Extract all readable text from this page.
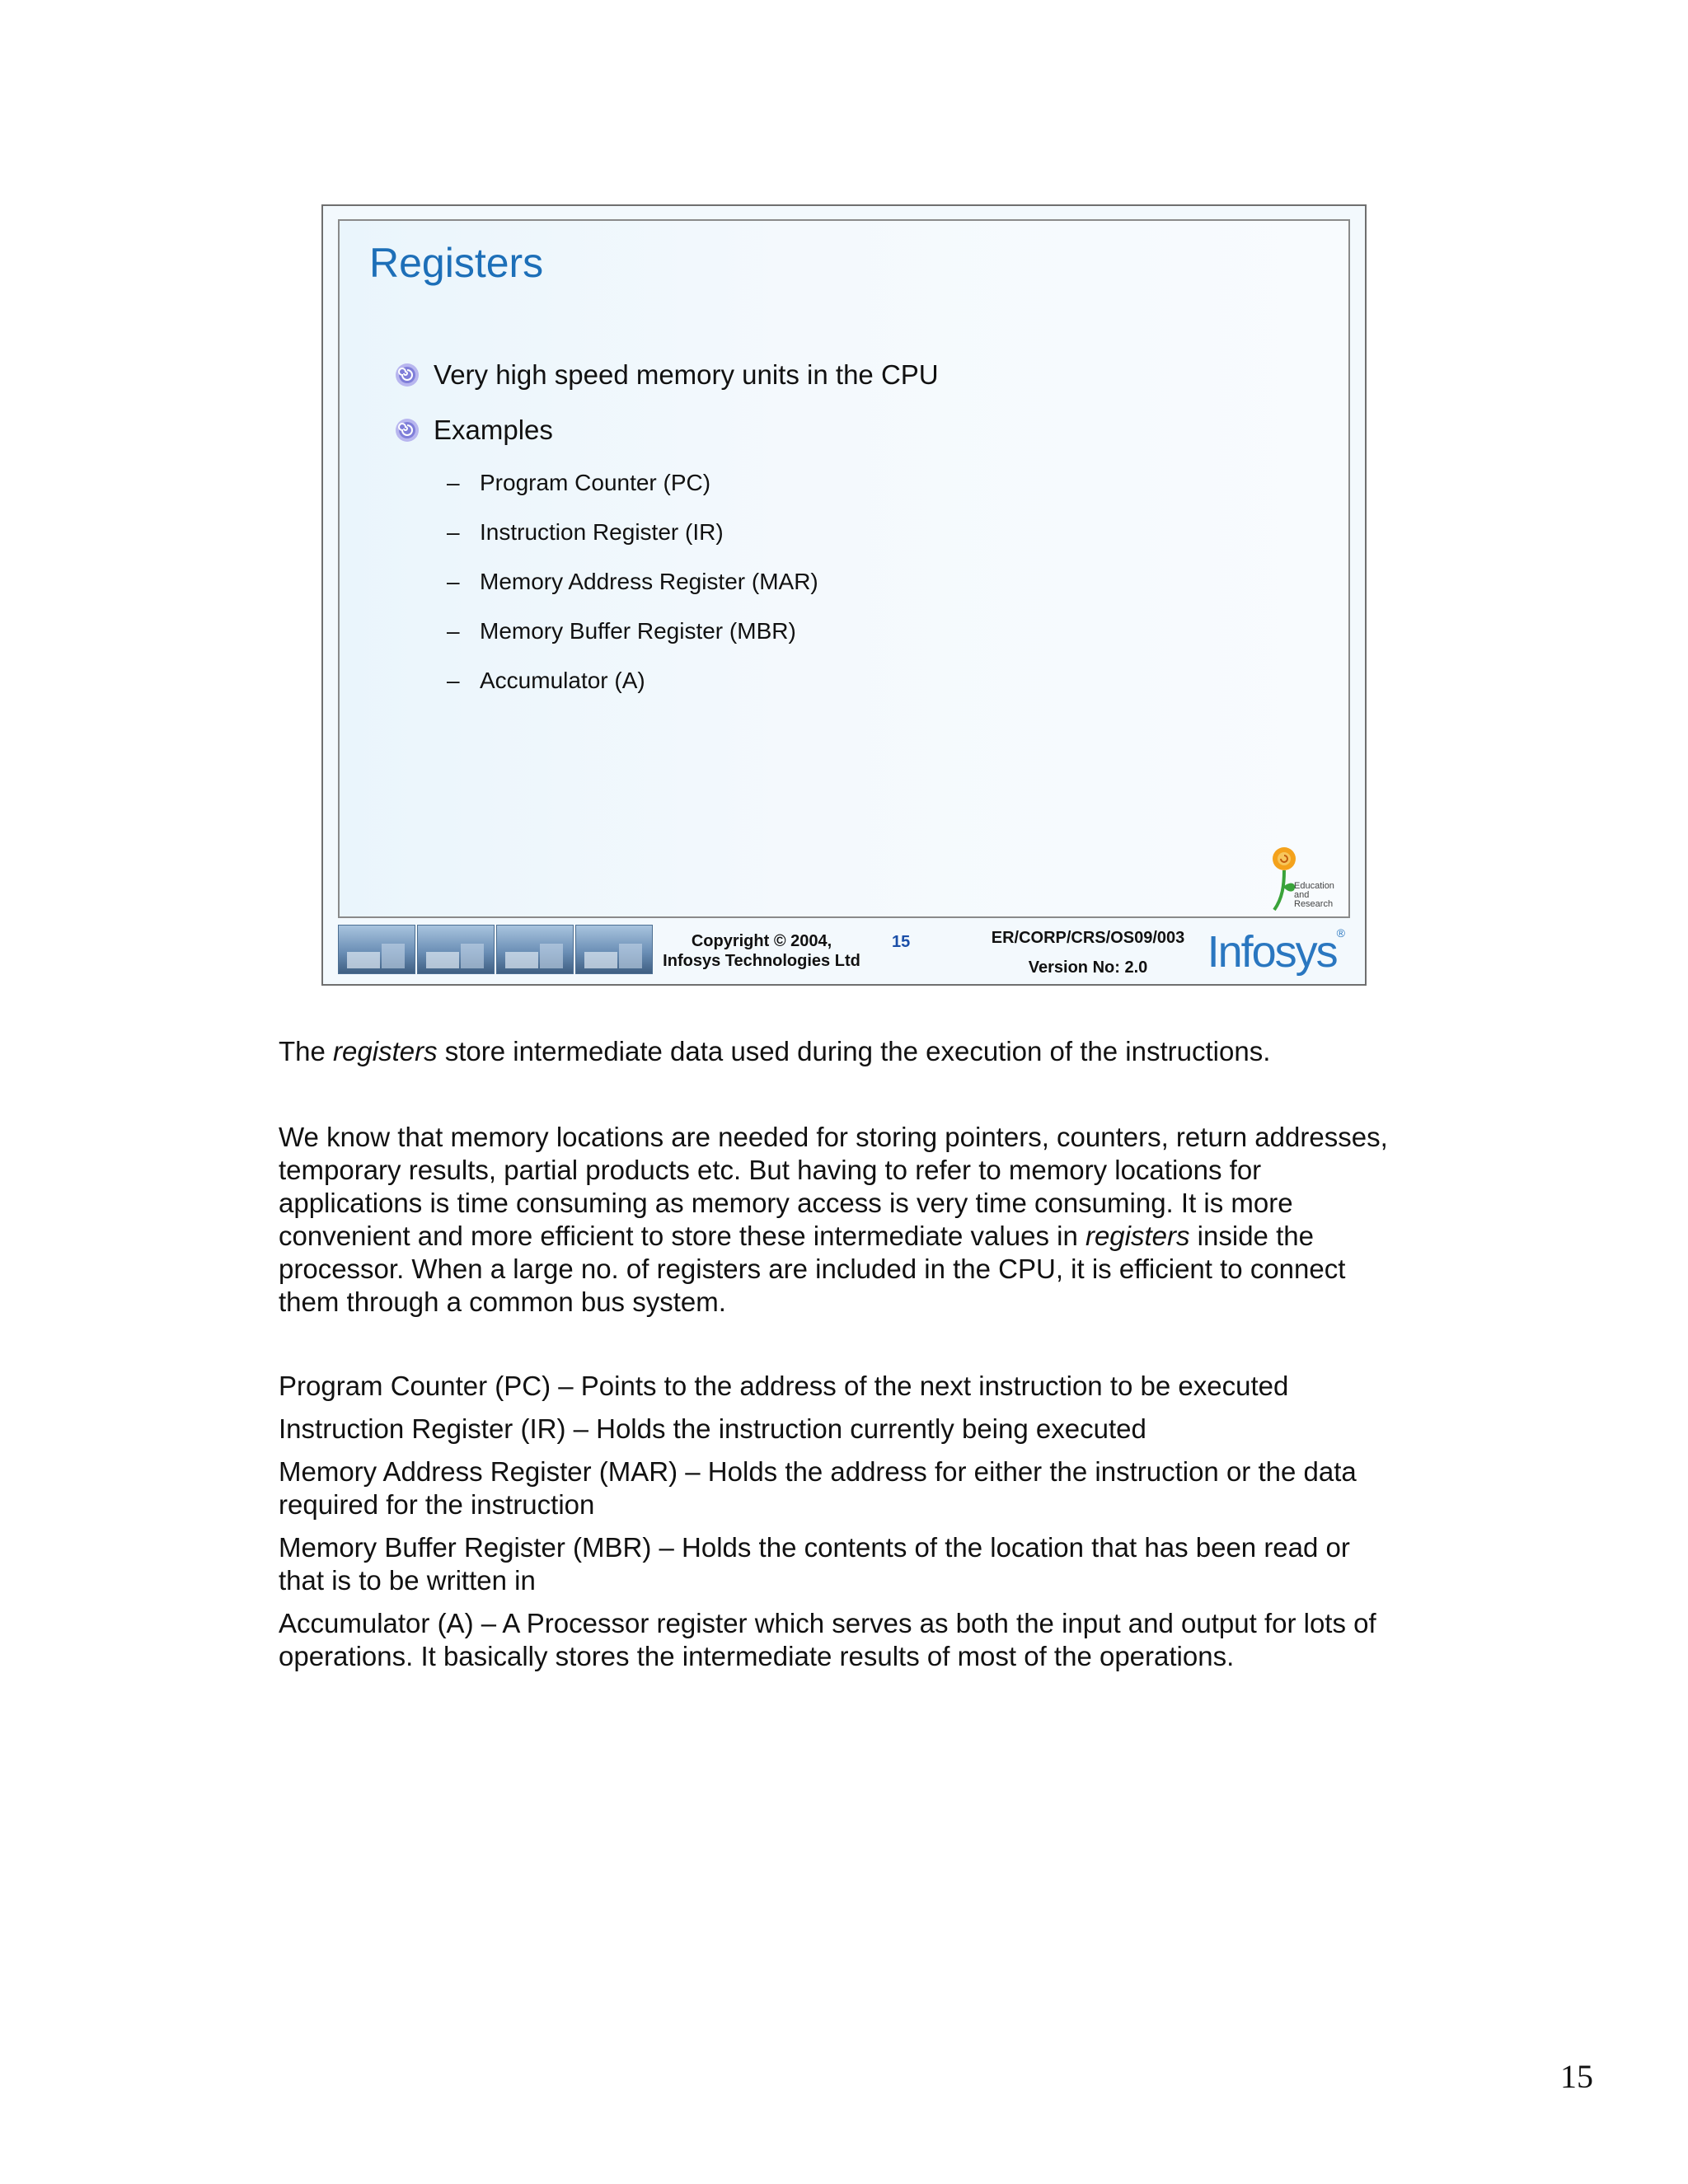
Registers
Very high speed memory units in the CPU
Examples
– Program Counter (PC)
– Instruction Register (IR)
– Memory Address Register (MAR)
– Memory Buffer Register (MBR)
– Accumulator (A)
Education
and
Research
Copyright © 2004,
Infosys Technologies Ltd
15	ER/CORP/CRS/OS09/003
Version No: 2.0	Infosys®

The registers store intermediate data used during the execution of the instructions.

We know that memory locations are needed for storing pointers, counters, return addresses, temporary results, partial products etc. But having to refer to memory locations for applications is time consuming as memory access is very time consuming. It is more convenient and more efficient to store these intermediate values in registers inside the processor. When a large no. of registers are included in the CPU, it is efficient to connect them through a common bus system.

Program Counter (PC) – Points to the address of the next instruction to be executed

Instruction Register (IR) – Holds the instruction currently being executed

Memory Address Register (MAR) – Holds the address for either the instruction or the data required for the instruction

Memory Buffer Register (MBR) – Holds the contents of the location that has been read or that is to be written in

Accumulator (A) – A Processor register which serves as both the input and output for lots of operations. It basically stores the intermediate results of most of the operations.

15
